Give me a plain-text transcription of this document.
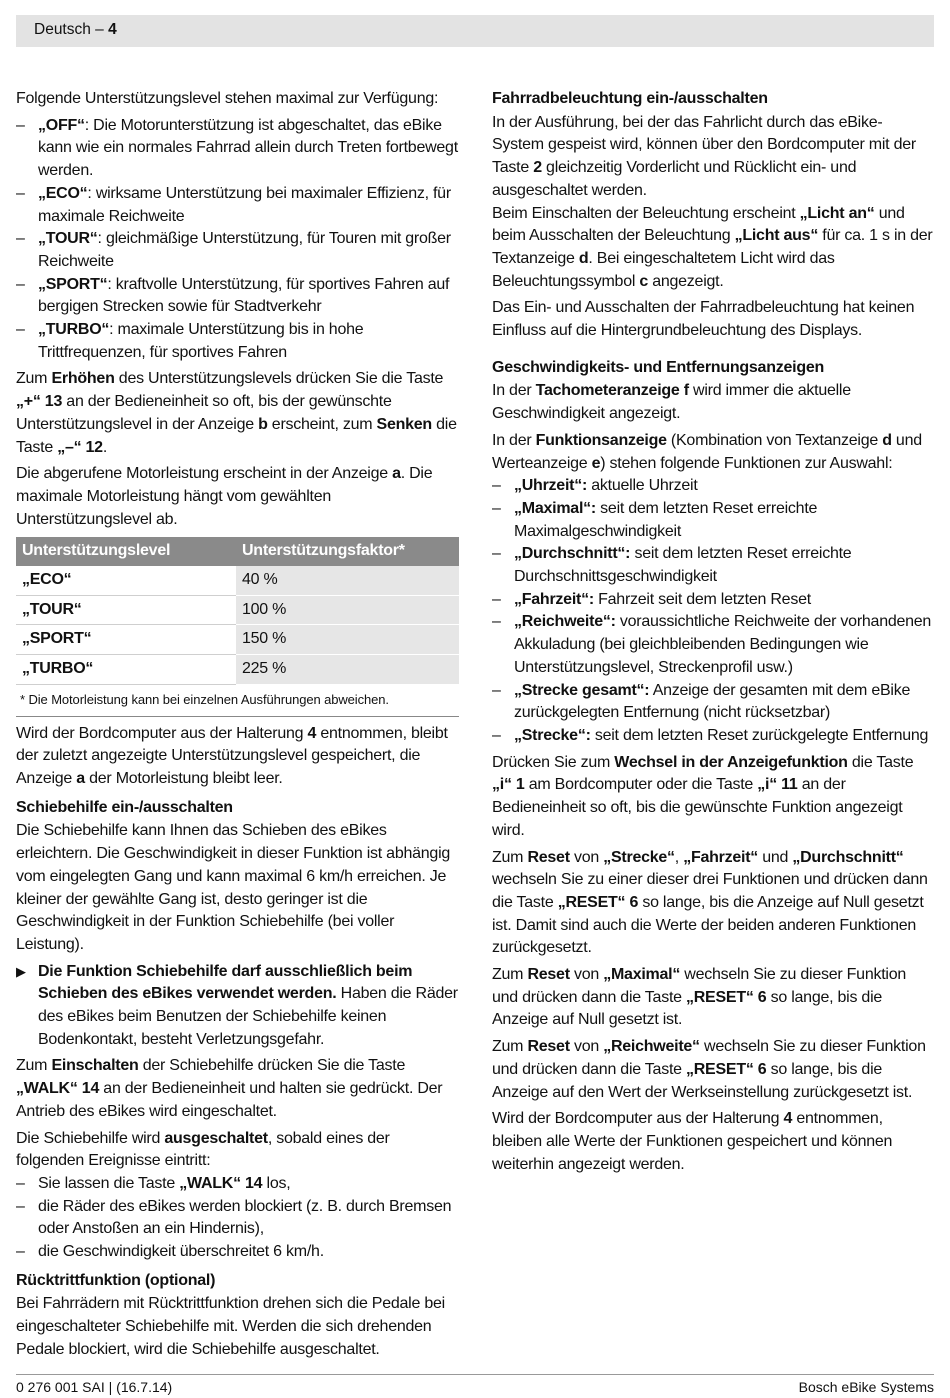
Deutsch – 4

Folgende Unterstützungslevel stehen maximal zur Verfügung:

– „OFF“: Die Motorunterstützung ist abgeschaltet, das eBike kann wie ein normales Fahrrad allein durch Treten fortbewegt werden.
– „ECO“: wirksame Unterstützung bei maximaler Effizienz, für maximale Reichweite
– „TOUR“: gleichmäßige Unterstützung, für Touren mit großer Reichweite
– „SPORT“: kraftvolle Unterstützung, für sportives Fahren auf bergigen Strecken sowie für Stadtverkehr
– „TURBO“: maximale Unterstützung bis in hohe Trittfrequenzen, für sportives Fahren

Zum Erhöhen des Unterstützungslevels drücken Sie die Taste „+“ 13 an der Bedieneinheit so oft, bis der gewünschte Unterstützungslevel in der Anzeige b erscheint, zum Senken die Taste „–“ 12.

Die abgerufene Motorleistung erscheint in der Anzeige a. Die maximale Motorleistung hängt vom gewählten Unterstützungslevel ab.

Unterstützungslevel	Unterstützungsfaktor*
„ECO“	40 %
„TOUR“	100 %
„SPORT“	150 %
„TURBO“	225 %
* Die Motorleistung kann bei einzelnen Ausführungen abweichen.

Wird der Bordcomputer aus der Halterung 4 entnommen, bleibt der zuletzt angezeigte Unterstützungslevel gespeichert, die Anzeige a der Motorleistung bleibt leer.

Schiebehilfe ein-/ausschalten

Die Schiebehilfe kann Ihnen das Schieben des eBikes erleichtern. Die Geschwindigkeit in dieser Funktion ist abhängig vom eingelegten Gang und kann maximal 6 km/h erreichen. Je kleiner der gewählte Gang ist, desto geringer ist die Geschwindigkeit in der Funktion Schiebehilfe (bei voller Leistung).

▶ Die Funktion Schiebehilfe darf ausschließlich beim Schieben des eBikes verwendet werden. Haben die Räder des eBikes beim Benutzen der Schiebehilfe keinen Bodenkontakt, besteht Verletzungsgefahr.

Zum Einschalten der Schiebehilfe drücken Sie die Taste „WALK“ 14 an der Bedieneinheit und halten sie gedrückt. Der Antrieb des eBikes wird eingeschaltet.

Die Schiebehilfe wird ausgeschaltet, sobald eines der folgenden Ereignisse eintritt:

– Sie lassen die Taste „WALK“ 14 los,
– die Räder des eBikes werden blockiert (z. B. durch Bremsen oder Anstoßen an ein Hindernis),
– die Geschwindigkeit überschreitet 6 km/h.
Rücktrittfunktion (optional)

Bei Fahrrädern mit Rücktrittfunktion drehen sich die Pedale bei eingeschalteter Schiebehilfe mit. Werden die sich drehenden Pedale blockiert, wird die Schiebehilfe ausgeschaltet.

Fahrradbeleuchtung ein-/ausschalten

In der Ausführung, bei der das Fahrlicht durch das eBike-System gespeist wird, können über den Bordcomputer mit der Taste 2 gleichzeitig Vorderlicht und Rücklicht ein- und ausgeschaltet werden.

Beim Einschalten der Beleuchtung erscheint „Licht an“ und beim Ausschalten der Beleuchtung „Licht aus“ für ca. 1 s in der Textanzeige d. Bei eingeschaltetem Licht wird das Beleuchtungssymbol c angezeigt.

Das Ein- und Ausschalten der Fahrradbeleuchtung hat keinen Einfluss auf die Hintergrundbeleuchtung des Displays.

Geschwindigkeits- und Entfernungsanzeigen

In der Tachometeranzeige f wird immer die aktuelle Geschwindigkeit angezeigt.

In der Funktionsanzeige (Kombination von Textanzeige d und Werteanzeige e) stehen folgende Funktionen zur Auswahl:

– „Uhrzeit“: aktuelle Uhrzeit
– „Maximal“: seit dem letzten Reset erreichte Maximalgeschwindigkeit
– „Durchschnitt“: seit dem letzten Reset erreichte Durchschnittsgeschwindigkeit
– „Fahrzeit“: Fahrzeit seit dem letzten Reset
– „Reichweite“: voraussichtliche Reichweite der vorhandenen Akkuladung (bei gleichbleibenden Bedingungen wie Unterstützungslevel, Streckenprofil usw.)
– „Strecke gesamt“: Anzeige der gesamten mit dem eBike zurückgelegten Entfernung (nicht rücksetzbar)
– „Strecke“: seit dem letzten Reset zurückgelegte Entfernung

Drücken Sie zum Wechsel in der Anzeigefunktion die Taste „i“ 1 am Bordcomputer oder die Taste „i“ 11 an der Bedieneinheit so oft, bis die gewünschte Funktion angezeigt wird.

Zum Reset von „Strecke“, „Fahrzeit“ und „Durchschnitt“ wechseln Sie zu einer dieser drei Funktionen und drücken dann die Taste „RESET“ 6 so lange, bis die Anzeige auf Null gesetzt ist. Damit sind auch die Werte der beiden anderen Funktionen zurückgesetzt.

Zum Reset von „Maximal“ wechseln Sie zu dieser Funktion und drücken dann die Taste „RESET“ 6 so lange, bis die Anzeige auf Null gesetzt ist.

Zum Reset von „Reichweite“ wechseln Sie zu dieser Funktion und drücken dann die Taste „RESET“ 6 so lange, bis die Anzeige auf den Wert der Werkseinstellung zurückgesetzt ist.

Wird der Bordcomputer aus der Halterung 4 entnommen, bleiben alle Werte der Funktionen gespeichert und können weiterhin angezeigt werden.

0 276 001 SAI | (16.7.14)	Bosch eBike Systems
